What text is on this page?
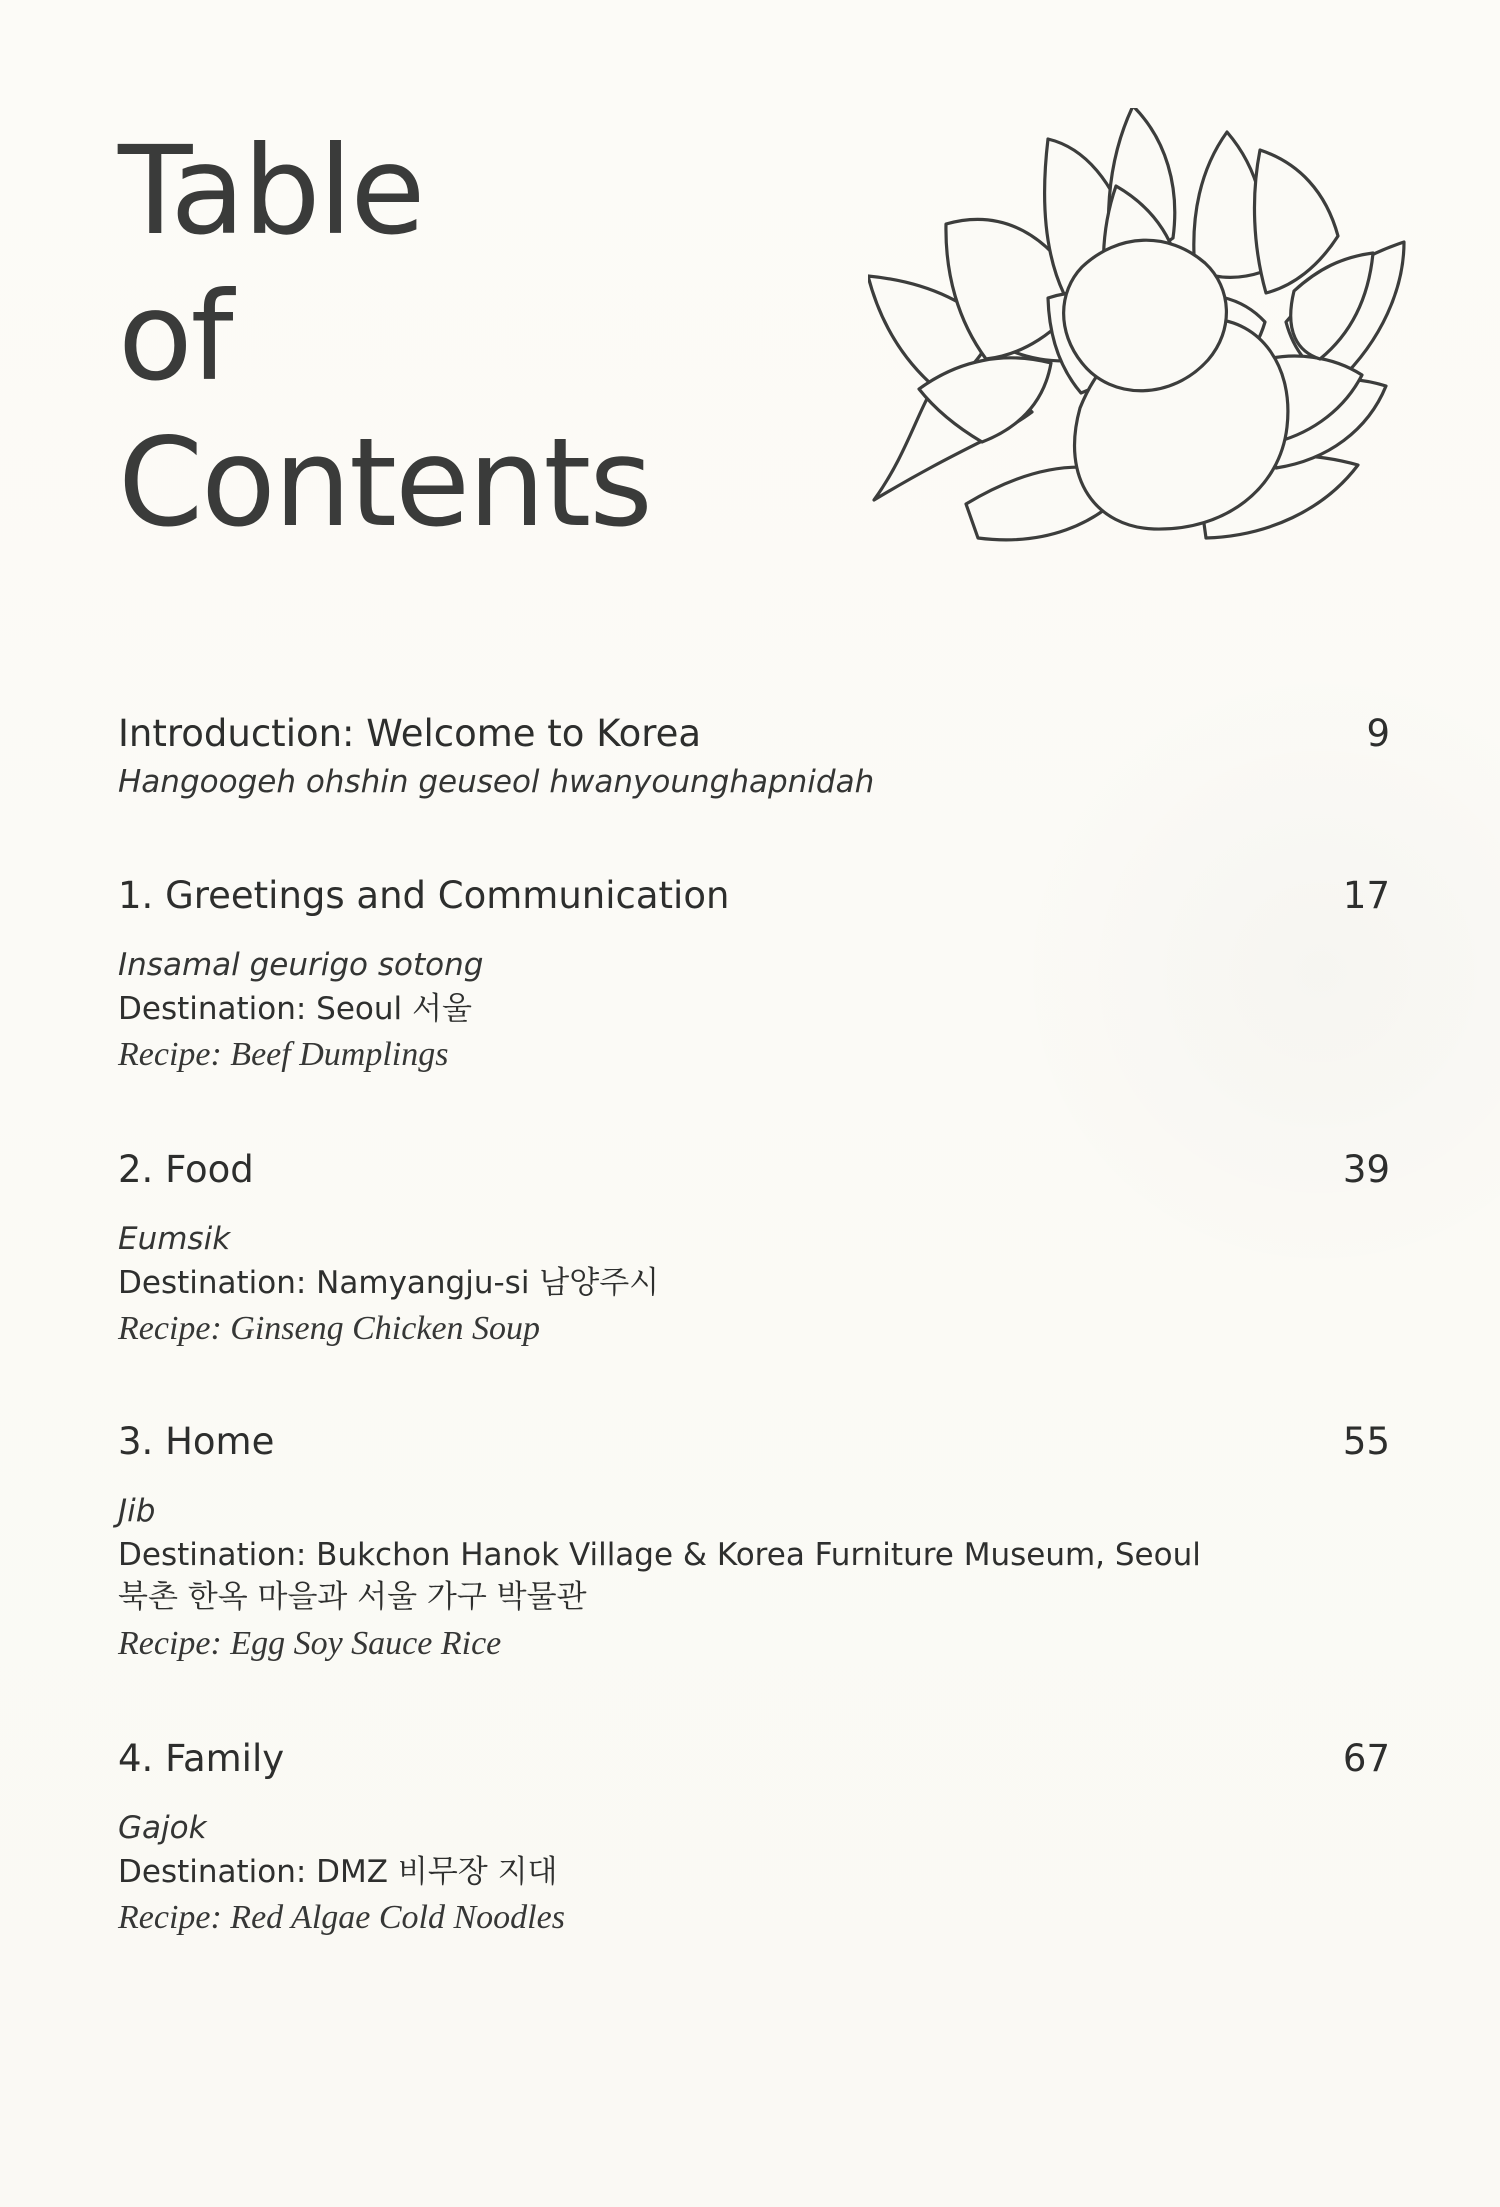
Table
of
Contents
Introduction: Welcome to Korea	9
Hangoogeh ohshin geuseol hwanyounghapnidah
1. Greetings and Communication	17
Insamal geurigo sotong
Destination: Seoul 서울
Recipe: Beef Dumplings
2. Food	39
Eumsik
Destination: Namyangju-si 남양주시
Recipe: Ginseng Chicken Soup
3. Home	55
Jib
Destination: Bukchon Hanok Village & Korea Furniture Museum, Seoul
북촌 한옥 마을과 서울 가구 박물관
Recipe: Egg Soy Sauce Rice
4. Family	67
Gajok
Destination: DMZ 비무장 지대
Recipe: Red Algae Cold Noodles
